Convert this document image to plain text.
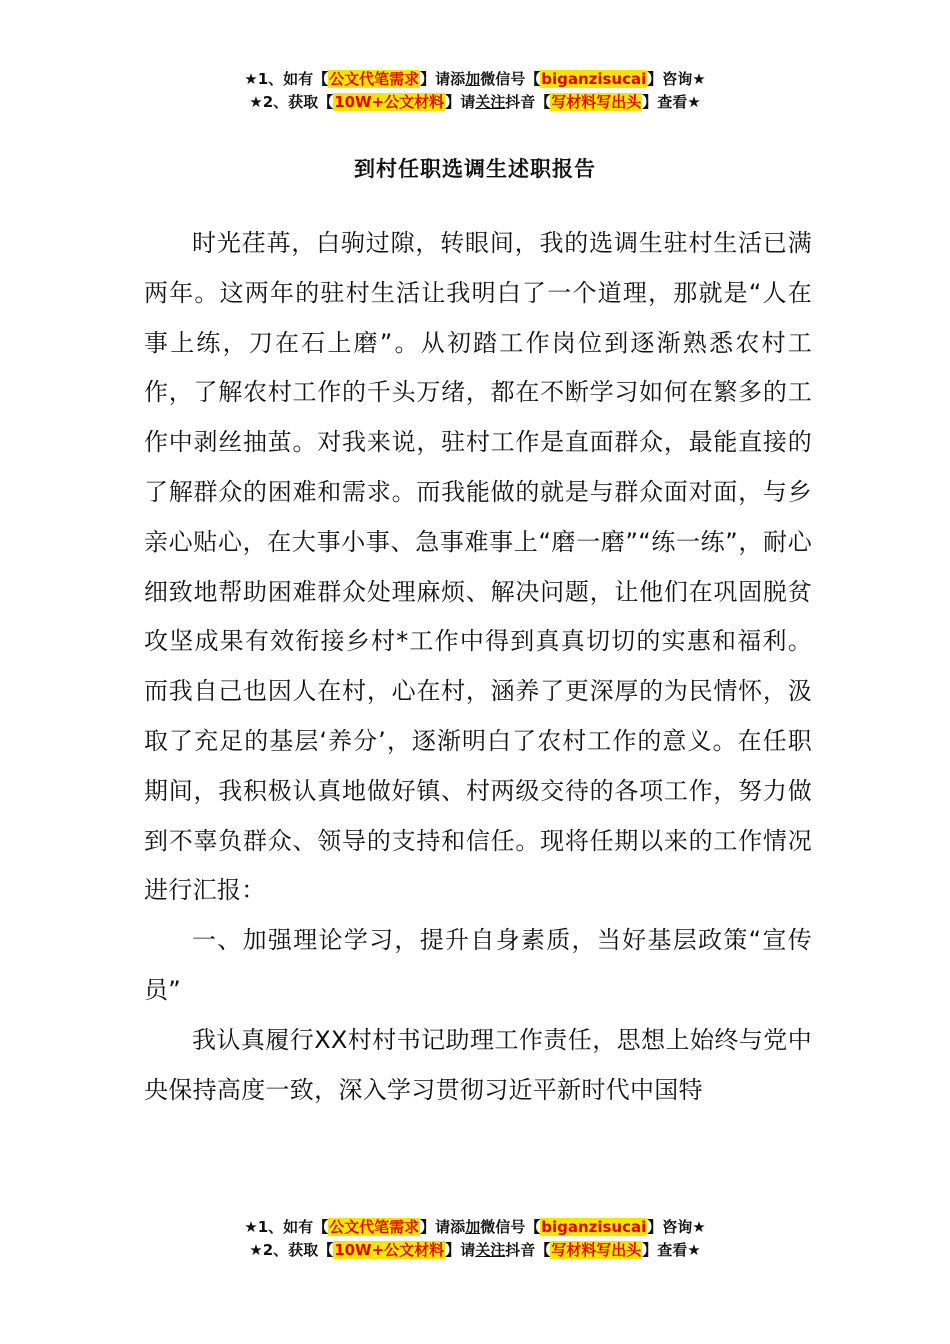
★1、如有【公文代笔需求】请添加微信号【biganzisucai】咨询★
★2、获取【10W+公文材料】请关注抖音【写材料写出头】查看★
到村任职选调生述职报告

时光荏苒，白驹过隙，转眼间，我的选调生驻村生活已满两年。这两年的驻村生活让我明白了一个道理，那就是“人在事上练，刀在石上磨”。从初踏工作岗位到逐渐熟悉农村工作，了解农村工作的千头万绪，都在不断学习如何在繁多的工作中剥丝抽茧。对我来说，驻村工作是直面群众，最能直接的了解群众的困难和需求。而我能做的就是与群众面对面，与乡亲心贴心，在大事小事、急事难事上“磨一磨”“练一练”，耐心细致地帮助困难群众处理麻烦、解决问题，让他们在巩固脱贫攻坚成果有效衔接乡村*工作中得到真真切切的实惠和福利。而我自己也因人在村，心在村，涵养了更深厚的为民情怀，汲取了充足的基层‘养分’，逐渐明白了农村工作的意义。在任职期间，我积极认真地做好镇、村两级交待的各项工作，努力做到不辜负群众、领导的支持和信任。现将任期以来的工作情况进行汇报：

一、加强理论学习，提升自身素质，当好基层政策“宣传员”

我认真履行XX村村书记助理工作责任，思想上始终与党中央保持高度一致，深入学习贯彻习近平新时代中国特

★1、如有【公文代笔需求】请添加微信号【biganzisucai】咨询★
★2、获取【10W+公文材料】请关注抖音【写材料写出头】查看★
